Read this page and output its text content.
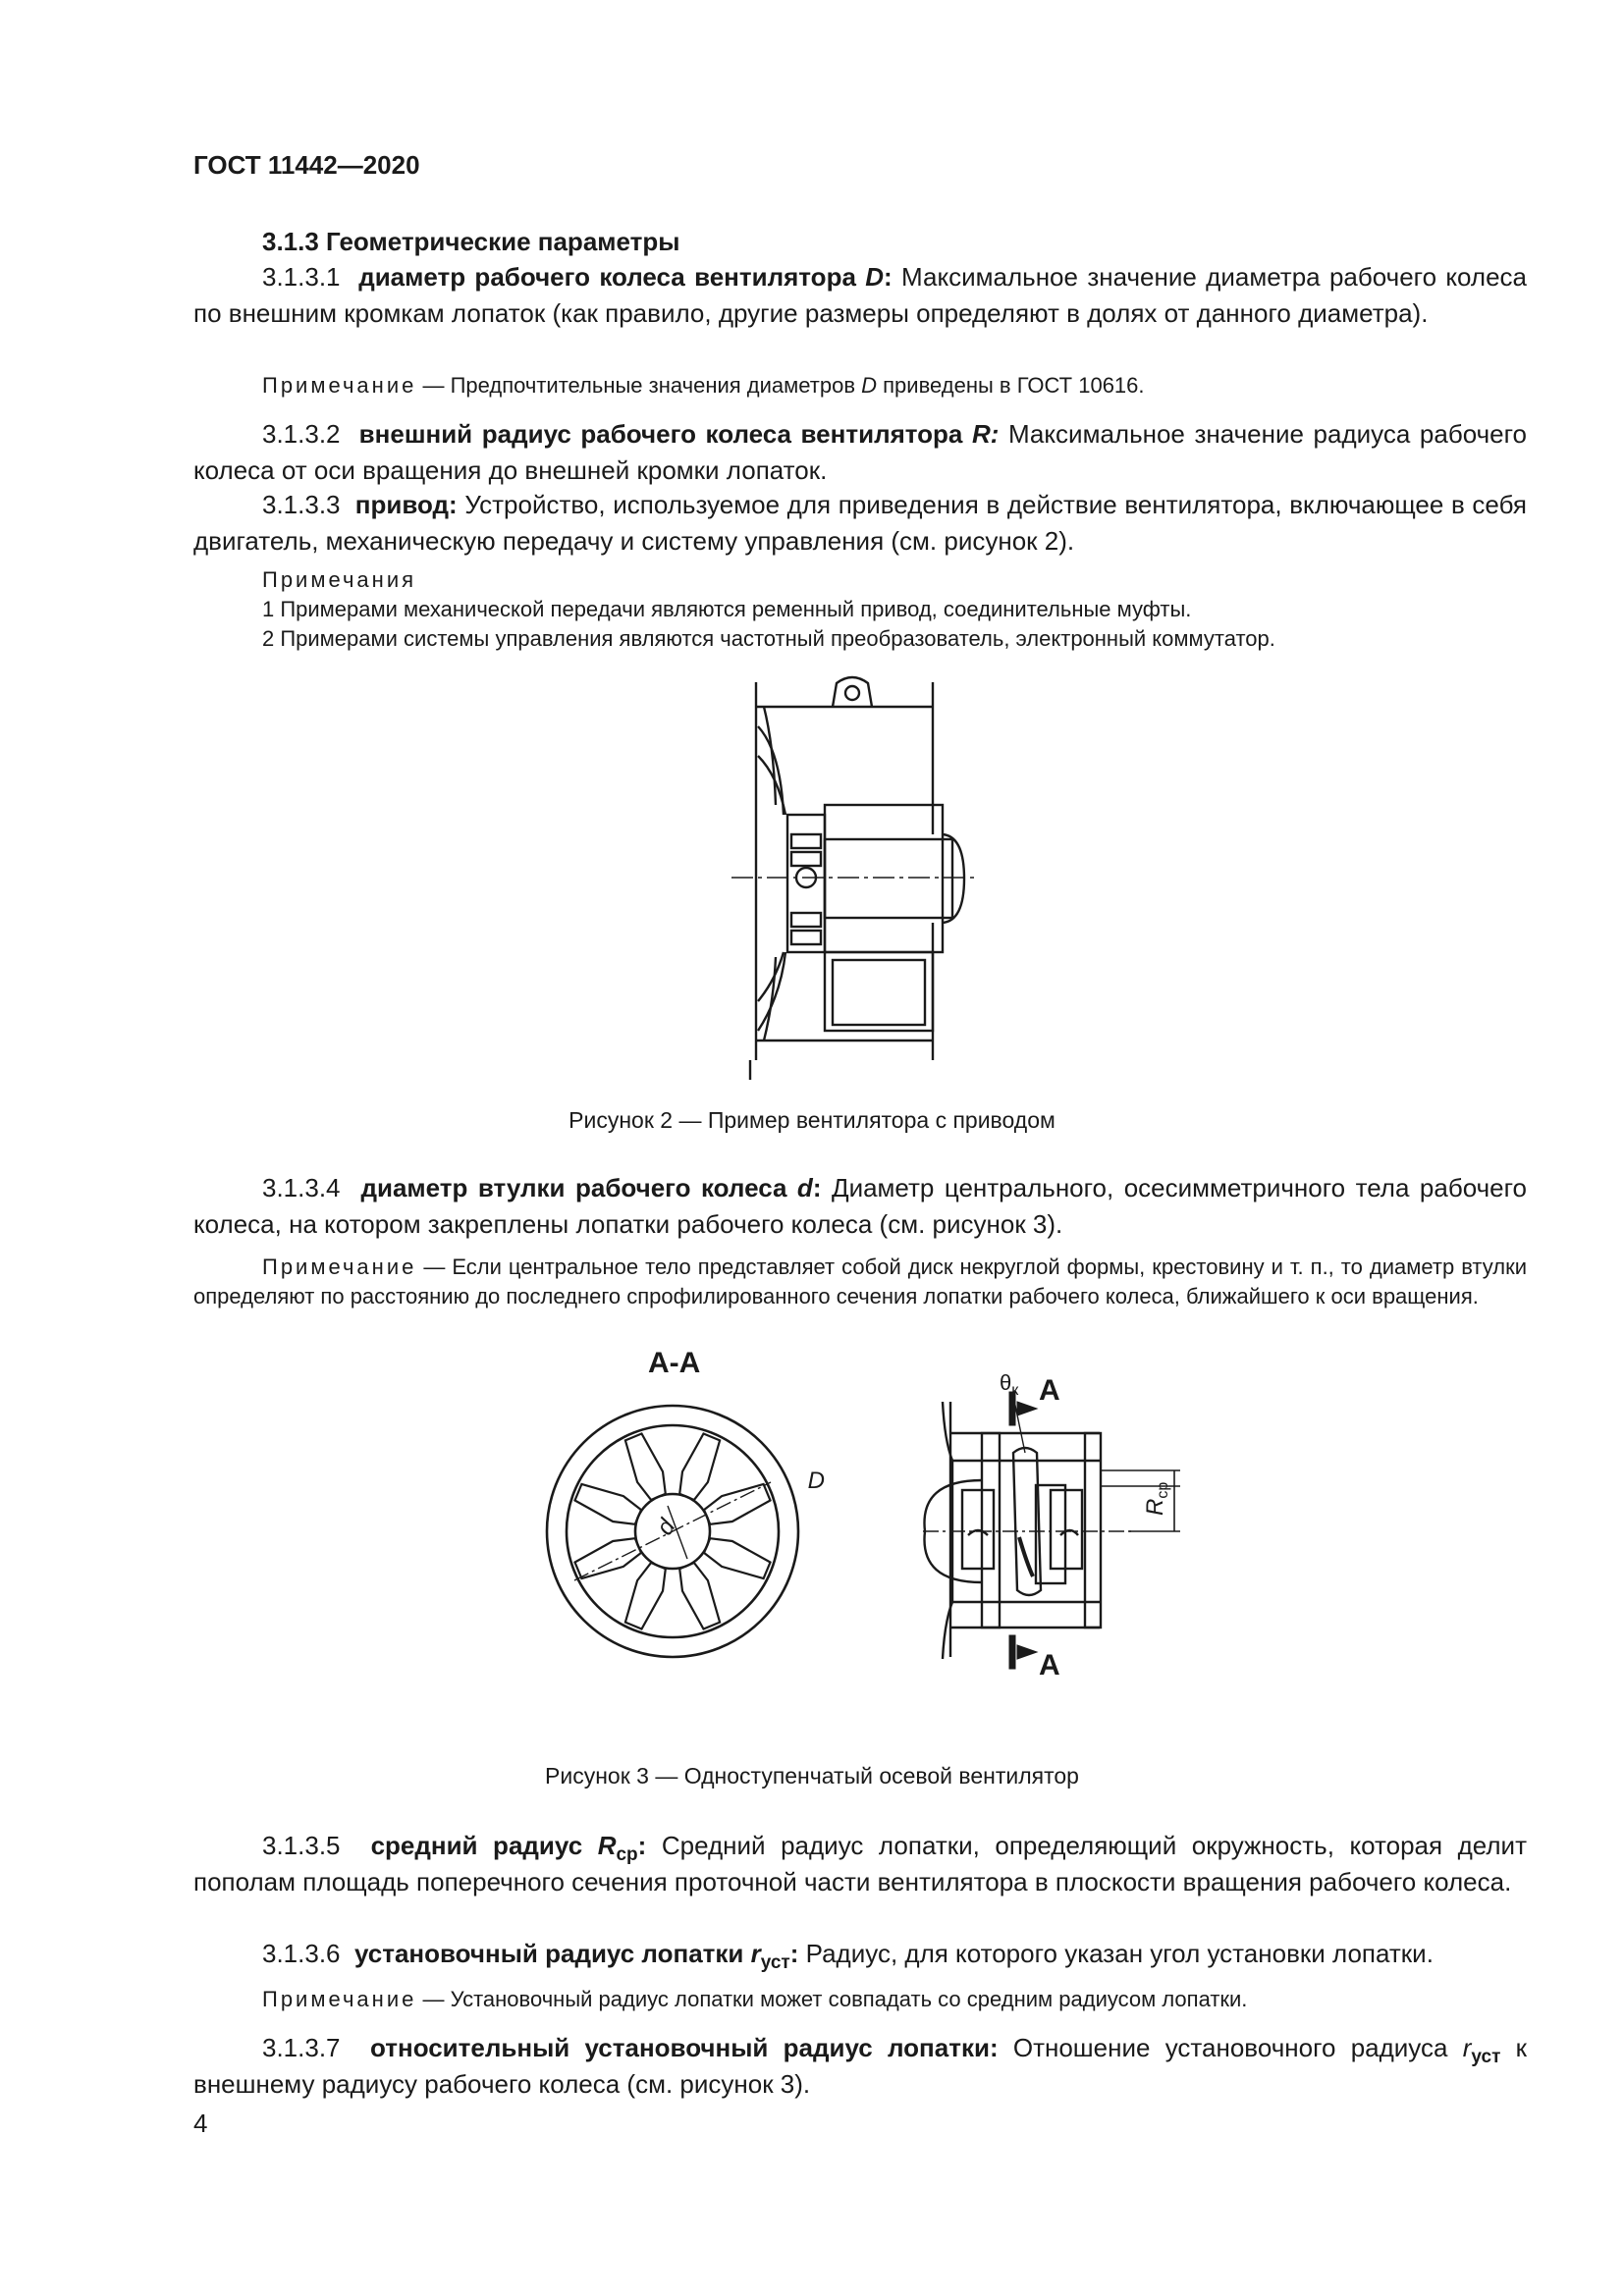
ГОСТ 11442—2020

3.1.3 Геометрические параметры

3.1.3.1 диаметр рабочего колеса вентилятора D: Максимальное значение диаметра рабочего колеса по внешним кромкам лопаток (как правило, другие размеры определяют в долях от данного диаметра).

Примечание — Предпочтительные значения диаметров D приведены в ГОСТ 10616.

3.1.3.2 внешний радиус рабочего колеса вентилятора R: Максимальное значение радиуса рабочего колеса от оси вращения до внешней кромки лопаток.

3.1.3.3 привод: Устройство, используемое для приведения в действие вентилятора, включающее в себя двигатель, механическую передачу и систему управления (см. рисунок 2).

Примечания

1 Примерами механической передачи являются ременный привод, соединительные муфты.

2 Примерами системы управления являются частотный преобразователь, электронный коммутатор.

Рисунок 2 — Пример вентилятора с приводом

3.1.3.4 диаметр втулки рабочего колеса d: Диаметр центрального, осесимметричного тела рабочего колеса, на котором закреплены лопатки рабочего колеса (см. рисунок 3).

Примечание — Если центральное тело представляет собой диск некруглой формы, крестовину и т. п., то диаметр втулки определяют по расстоянию до последнего спрофилированного сечения лопатки рабочего колеса, ближайшего к оси вращения.

А-А
d
D
А
А
$\theta_к$
$R_{ср}$
Рисунок 3 — Одноступенчатый осевой вентилятор

3.1.3.5 средний радиус $R_{ср}$: Средний радиус лопатки, определяющий окружность, которая делит пополам площадь поперечного сечения проточной части вентилятора в плоскости вращения рабочего колеса.

3.1.3.6 установочный радиус лопатки $r_{уст}$: Радиус, для которого указан угол установки лопатки.

Примечание — Установочный радиус лопатки может совпадать со средним радиусом лопатки.

3.1.3.7 относительный установочный радиус лопатки: Отношение установочного радиуса $r_{уст}$ к внешнему радиусу рабочего колеса (см. рисунок 3).

4
